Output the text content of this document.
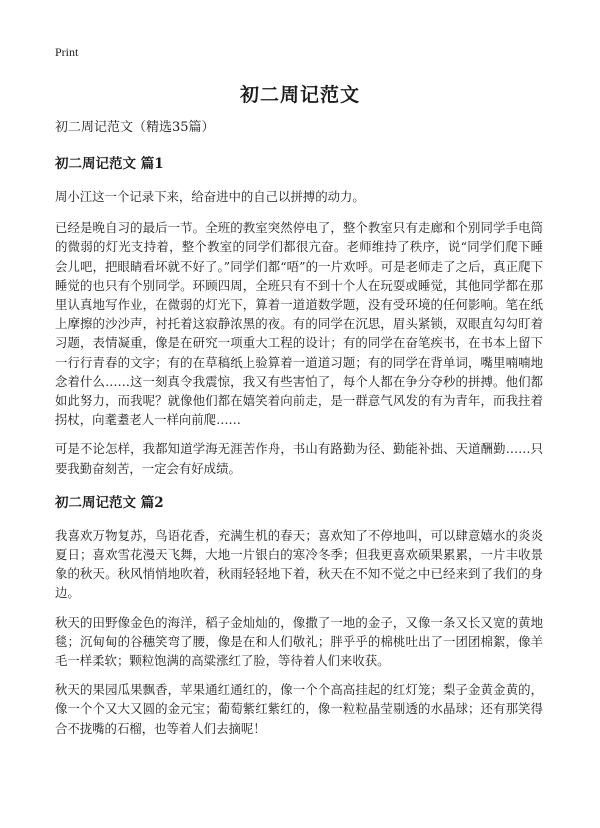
Print
初二周记范文
初二周记范文（精选35篇）
初二周记范文 篇1

周小江这一个记录下来，给奋进中的自己以拼搏的动力。

已经是晚自习的最后一节。全班的教室突然停电了，整个教室只有走廊和个别同学手电筒的微弱的灯光支持着，整个教室的同学们都很亢奋。老师维持了秩序，说“同学们爬下睡会儿吧，把眼睛看坏就不好了。”同学们都“唔”的一片欢呼。可是老师走了之后，真正爬下睡觉的也只有个别同学。环顾四周，全班只有不到十个人在玩耍或睡觉，其他同学都在那里认真地写作业，在微弱的灯光下，算着一道道数学题，没有受环境的任何影响。笔在纸上摩擦的沙沙声，衬托着这寂静浓黑的夜。有的同学在沉思，眉头紧锁，双眼直勾勾盯着习题，表情凝重，像是在研究一项重大工程的设计；有的同学在奋笔疾书，在书本上留下一行行青春的文字；有的在草稿纸上验算着一道道习题；有的同学在背单词，嘴里喃喃地念着什么……这一刻真令我震惊，我又有些害怕了，每个人都在争分夺秒的拼搏。他们都如此努力，而我呢？就像他们都在嬉笑着向前走，是一群意气风发的有为青年，而我拄着拐杖，向耄耋老人一样向前爬……

可是不论怎样，我都知道学海无涯苦作舟，书山有路勤为径、勤能补拙、天道酬勤……只要我勤奋刻苦，一定会有好成绩。

初二周记范文 篇2

我喜欢万物复苏，鸟语花香，充满生机的春天；喜欢知了不停地叫，可以肆意嬉水的炎炎夏日；喜欢雪花漫天飞舞，大地一片银白的寒冷冬季；但我更喜欢硕果累累，一片丰收景象的秋天。秋风悄悄地吹着，秋雨轻轻地下着，秋天在不知不觉之中已经来到了我们的身边。

秋天的田野像金色的海洋，稻子金灿灿的，像撒了一地的金子，又像一条又长又宽的黄地毯；沉甸甸的谷穗笑弯了腰，像是在和人们敬礼；胖乎乎的棉桃吐出了一团团棉絮，像羊毛一样柔软；颗粒饱满的高粱涨红了脸，等待着人们来收获。

秋天的果园瓜果飘香，苹果通红通红的，像一个个高高挂起的红灯笼；梨子金黄金黄的，像一个个又大又圆的金元宝；葡萄紫红紫红的，像一粒粒晶莹剔透的水晶球；还有那笑得合不拢嘴的石榴，也等着人们去摘呢！
